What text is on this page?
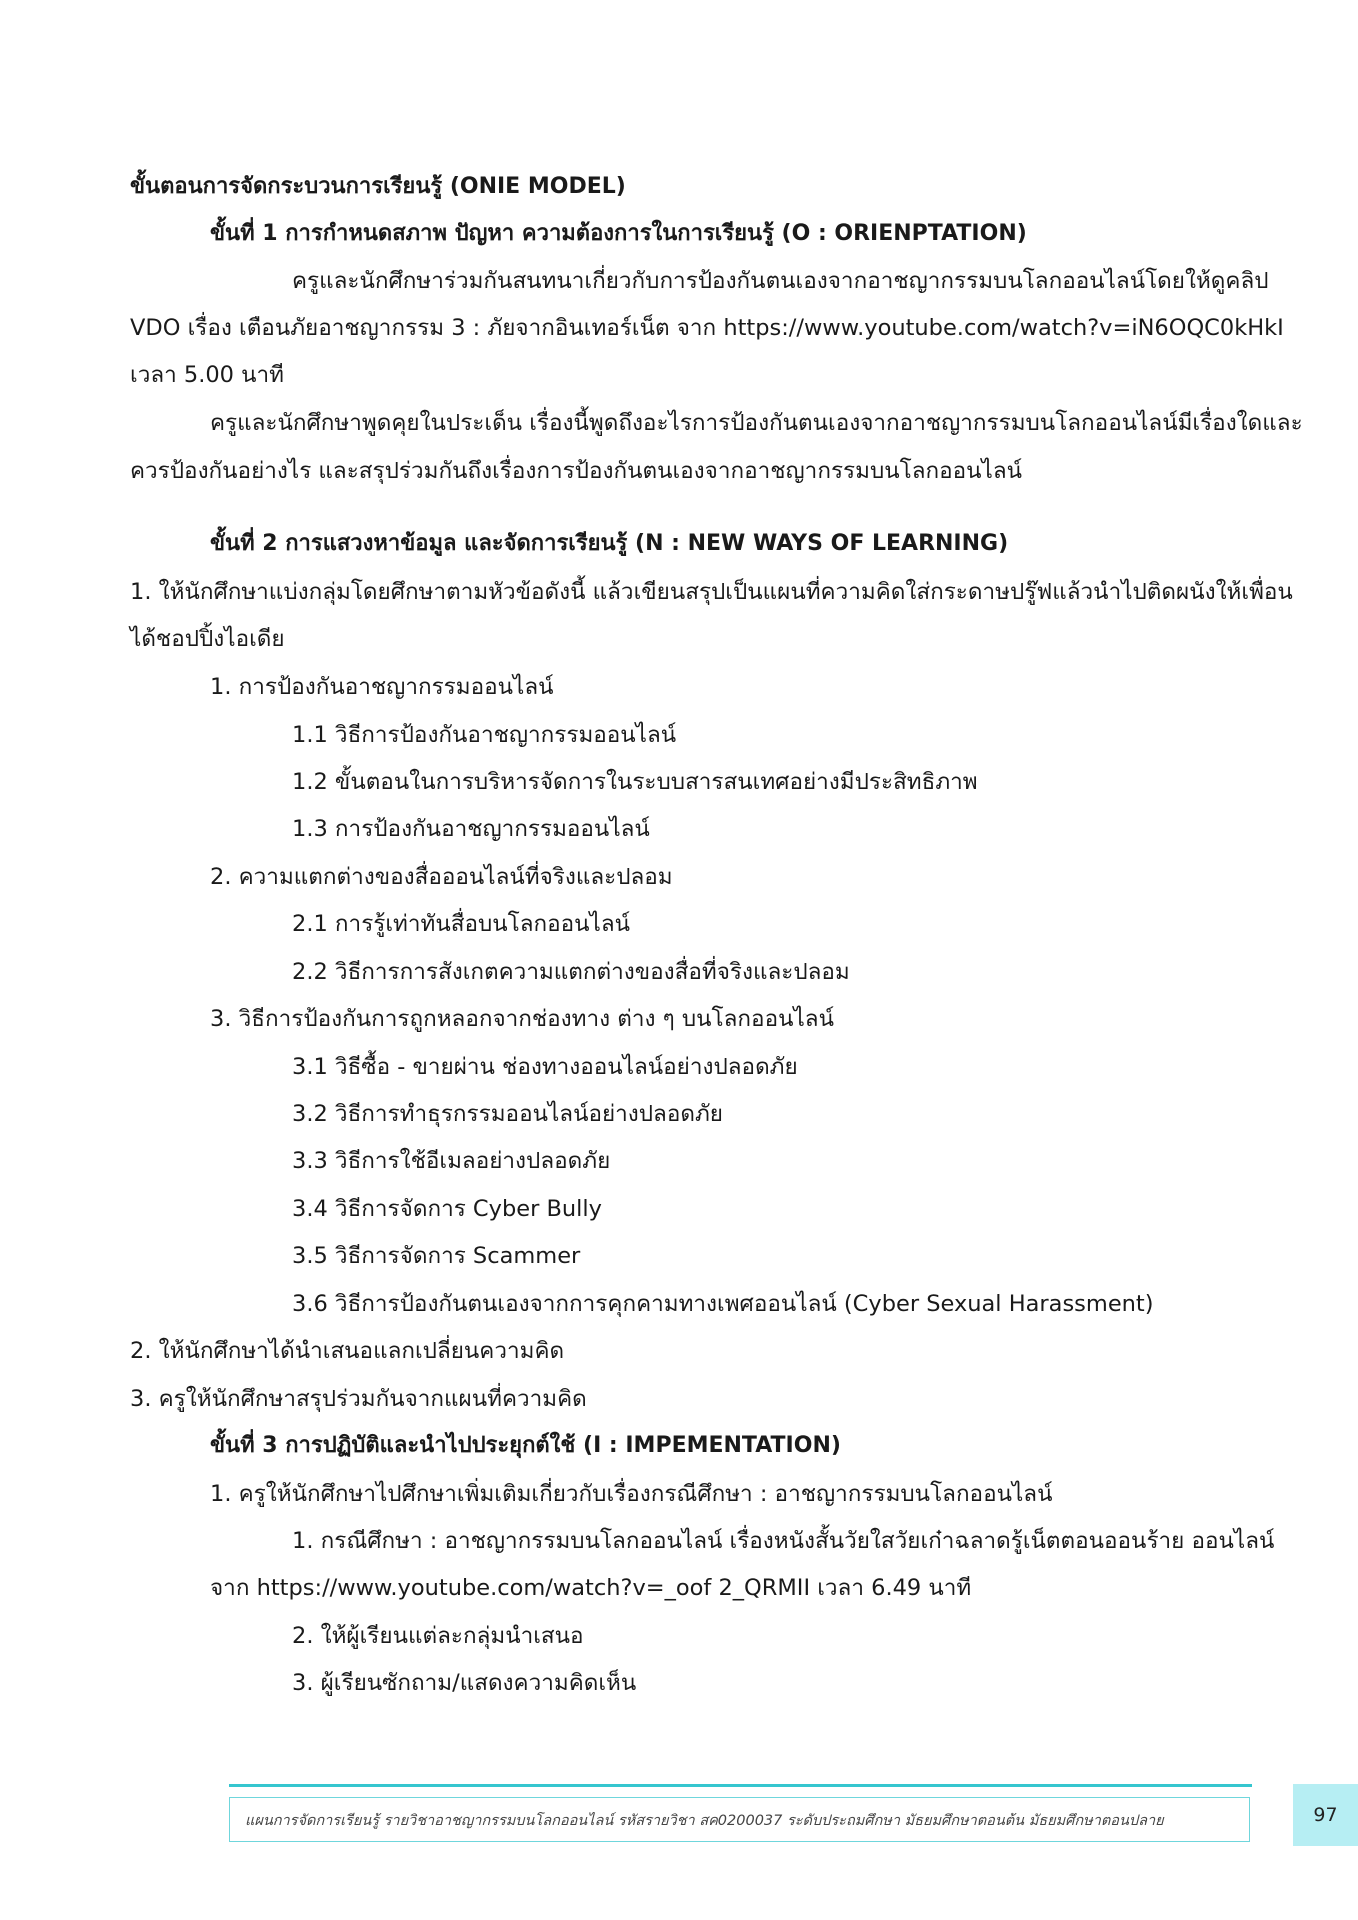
ขั้นตอนการจัดกระบวนการเรียนรู้ (ONIE MODEL)
ขั้นที่ 1 การกำหนดสภาพ ปัญหา ความต้องการในการเรียนรู้ (O : ORIENPTATION)
ครูและนักศึกษาร่วมกันสนทนาเกี่ยวกับการป้องกันตนเองจากอาชญากรรมบนโลกออนไลน์โดยให้ดูคลิป
VDO เรื่อง เตือนภัยอาชญากรรม 3 : ภัยจากอินเทอร์เน็ต จาก https://www.youtube.com/watch?v=iN6OQC0kHkI
เวลา 5.00 นาที
ครูและนักศึกษาพูดคุยในประเด็น เรื่องนี้พูดถึงอะไรการป้องกันตนเองจากอาชญากรรมบนโลกออนไลน์มีเรื่องใดและ
ควรป้องกันอย่างไร และสรุปร่วมกันถึงเรื่องการป้องกันตนเองจากอาชญากรรมบนโลกออนไลน์
ขั้นที่ 2 การแสวงหาข้อมูล และจัดการเรียนรู้ (N : NEW WAYS OF LEARNING)
1. ให้นักศึกษาแบ่งกลุ่มโดยศึกษาตามหัวข้อดังนี้ แล้วเขียนสรุปเป็นแผนที่ความคิดใส่กระดาษปรู๊ฟแล้วนำไปติดผนังให้เพื่อน
ได้ชอปปิ้งไอเดีย
1. การป้องกันอาชญากรรมออนไลน์
1.1 วิธีการป้องกันอาชญากรรมออนไลน์
1.2 ขั้นตอนในการบริหารจัดการในระบบสารสนเทศอย่างมีประสิทธิภาพ
1.3 การป้องกันอาชญากรรมออนไลน์
2. ความแตกต่างของสื่อออนไลน์ที่จริงและปลอม
2.1 การรู้เท่าทันสื่อบนโลกออนไลน์
2.2 วิธีการการสังเกตความแตกต่างของสื่อที่จริงและปลอม
3. วิธีการป้องกันการถูกหลอกจากช่องทาง ต่าง ๆ บนโลกออนไลน์
3.1 วิธีซื้อ - ขายผ่าน ช่องทางออนไลน์อย่างปลอดภัย
3.2 วิธีการทำธุรกรรมออนไลน์อย่างปลอดภัย
3.3 วิธีการใช้อีเมลอย่างปลอดภัย
3.4 วิธีการจัดการ Cyber Bully
3.5 วิธีการจัดการ Scammer
3.6 วิธีการป้องกันตนเองจากการคุกคามทางเพศออนไลน์ (Cyber Sexual Harassment)
2. ให้นักศึกษาได้นำเสนอแลกเปลี่ยนความคิด
3. ครูให้นักศึกษาสรุปร่วมกันจากแผนที่ความคิด
ขั้นที่ 3 การปฏิบัติและนำไปประยุกต์ใช้ (I : IMPEMENTATION)
1. ครูให้นักศึกษาไปศึกษาเพิ่มเติมเกี่ยวกับเรื่องกรณีศึกษา : อาชญากรรมบนโลกออนไลน์
1. กรณีศึกษา : อาชญากรรมบนโลกออนไลน์ เรื่องหนังสั้นวัยใสวัยเก๋าฉลาดรู้เน็ตตอนออนร้าย ออนไลน์
จาก https://www.youtube.com/watch?v=_oof 2_QRMII เวลา 6.49 นาที
2. ให้ผู้เรียนแต่ละกลุ่มนำเสนอ
3. ผู้เรียนซักถาม/แสดงความคิดเห็น
แผนการจัดการเรียนรู้ รายวิชาอาชญากรรมบนโลกออนไลน์ รหัสรายวิชา สค0200037 ระดับประถมศึกษา มัธยมศึกษาตอนต้น มัธยมศึกษาตอนปลาย	97
